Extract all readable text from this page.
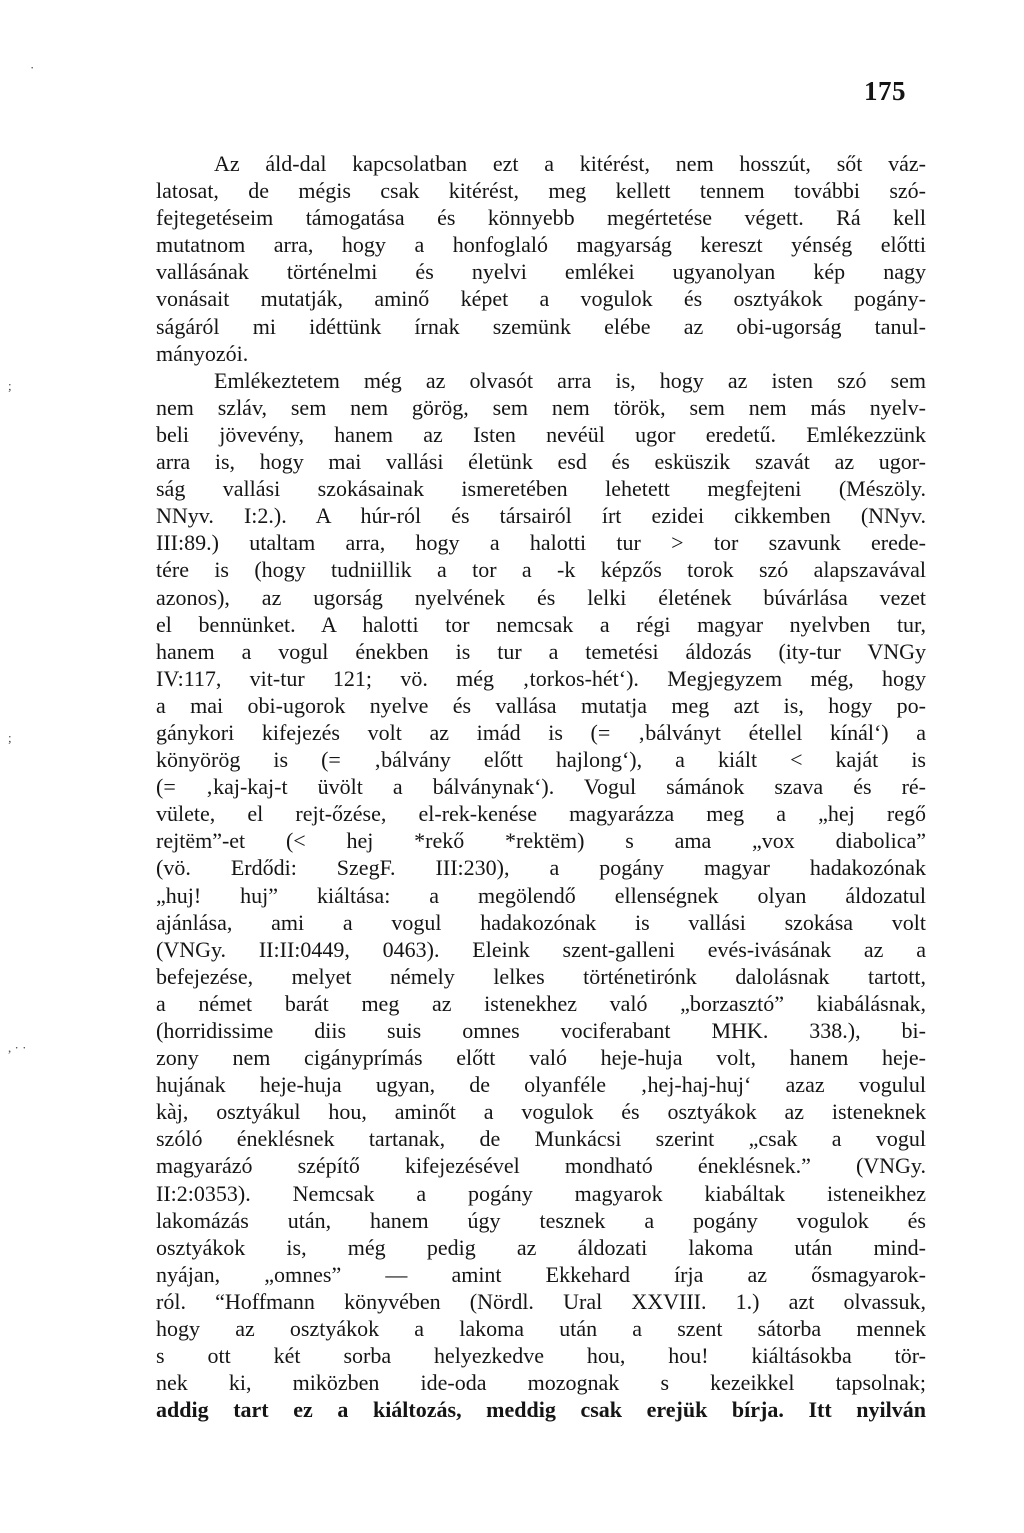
175
·
;
;
, · ·
Az áld-dal kapcsolatban ezt a kitérést, nem hosszút, sőt váz-
latosat, de mégis csak kitérést, meg kellett tennem további szó-
fejtegetéseim támogatása és könnyebb megértetése végett. Rá kell
mutatnom arra, hogy a honfoglaló magyarság kereszt yénség előtti
vallásának történelmi és nyelvi emlékei ugyanolyan kép nagy
vonásait mutatják, aminő képet a vogulok és osztyákok pogány-
ságáról mi idéttünk írnak szemünk elébe az obi-ugorság tanul-
mányozói.
Emlékeztetem még az olvasót arra is, hogy az isten szó sem
nem szláv, sem nem görög, sem nem török, sem nem más nyelv-
beli jövevény, hanem az Isten nevéül ugor eredetű. Emlékezzünk
arra is, hogy mai vallási életünk esd és esküszik szavát az ugor-
ság vallási szokásainak ismeretében lehetett megfejteni (Mészöly.
NNyv. I:2.). A húr-ról és társairól írt ezidei cikkemben (NNyv.
III:89.) utaltam arra, hogy a halotti tur > tor szavunk erede-
tére is (hogy tudniillik a tor a -k képzős torok szó alapszavával
azonos), az ugorság nyelvének és lelki életének búvárlása vezet
el bennünket. A halotti tor nemcsak a régi magyar nyelvben tur,
hanem a vogul énekben is tur a temetési áldozás (ity-tur VNGy
IV:117, vit-tur 121; vö. még ‚torkos-hét‘). Megjegyzem még, hogy
a mai obi-ugorok nyelve és vallása mutatja meg azt is, hogy po-
gánykori kifejezés volt az imád is (= ‚bálványt étellel kínál‘) a
könyörög is (= ‚bálvány előtt hajlong‘), a kiált < kaját is
(= ‚kaj-kaj-t üvölt a bálványnak‘). Vogul sámánok szava és ré-
vülete, el rejt-őzése, el-rek-kenése magyarázza meg a „hej regő
rejtëm”-et (< hej *rekő *rektëm) s ama „vox diabolica”
(vö. Erdődi: SzegF. III:230), a pogány magyar hadakozónak
„huj! huj” kiáltása: a megölendő ellenségnek olyan áldozatul
ajánlása, ami a vogul hadakozónak is vallási szokása volt
(VNGy. II:II:0449, 0463). Eleink szent-galleni evés-ivásának az a
befejezése, melyet némely lelkes történetirónk dalolásnak tartott,
a német barát meg az istenekhez való „borzasztó” kiabálásnak,
(horridissime diis suis omnes vociferabant MHK. 338.), bi-
zony nem cigányprímás előtt való heje-huja volt, hanem heje-
hujának heje-huja ugyan, de olyanféle ‚hej-haj-huj‘ azaz vogulul
kàj, osztyákul hou, aminőt a vogulok és osztyákok az isteneknek
szóló éneklésnek tartanak, de Munkácsi szerint „csak a vogul
magyarázó szépítő kifejezésével mondható éneklésnek.” (VNGy.
II:2:0353). Nemcsak a pogány magyarok kiabáltak isteneikhez
lakomázás után, hanem úgy tesznek a pogány vogulok és
osztyákok is, még pedig az áldozati lakoma után mind-
nyájan, „omnes” — amint Ekkehard írja az ősmagyarok-
ról. “Hoffmann könyvében (Nördl. Ural XXVIII. 1.) azt olvassuk,
hogy az osztyákok a lakoma után a szent sátorba mennek
s ott két sorba helyezkedve hou, hou! kiáltásokba tör-
nek ki, miközben ide-oda mozognak s kezeikkel tapsolnak;
addig tart ez a kiáltozás, meddig csak erejük bírja. Itt nyilván
